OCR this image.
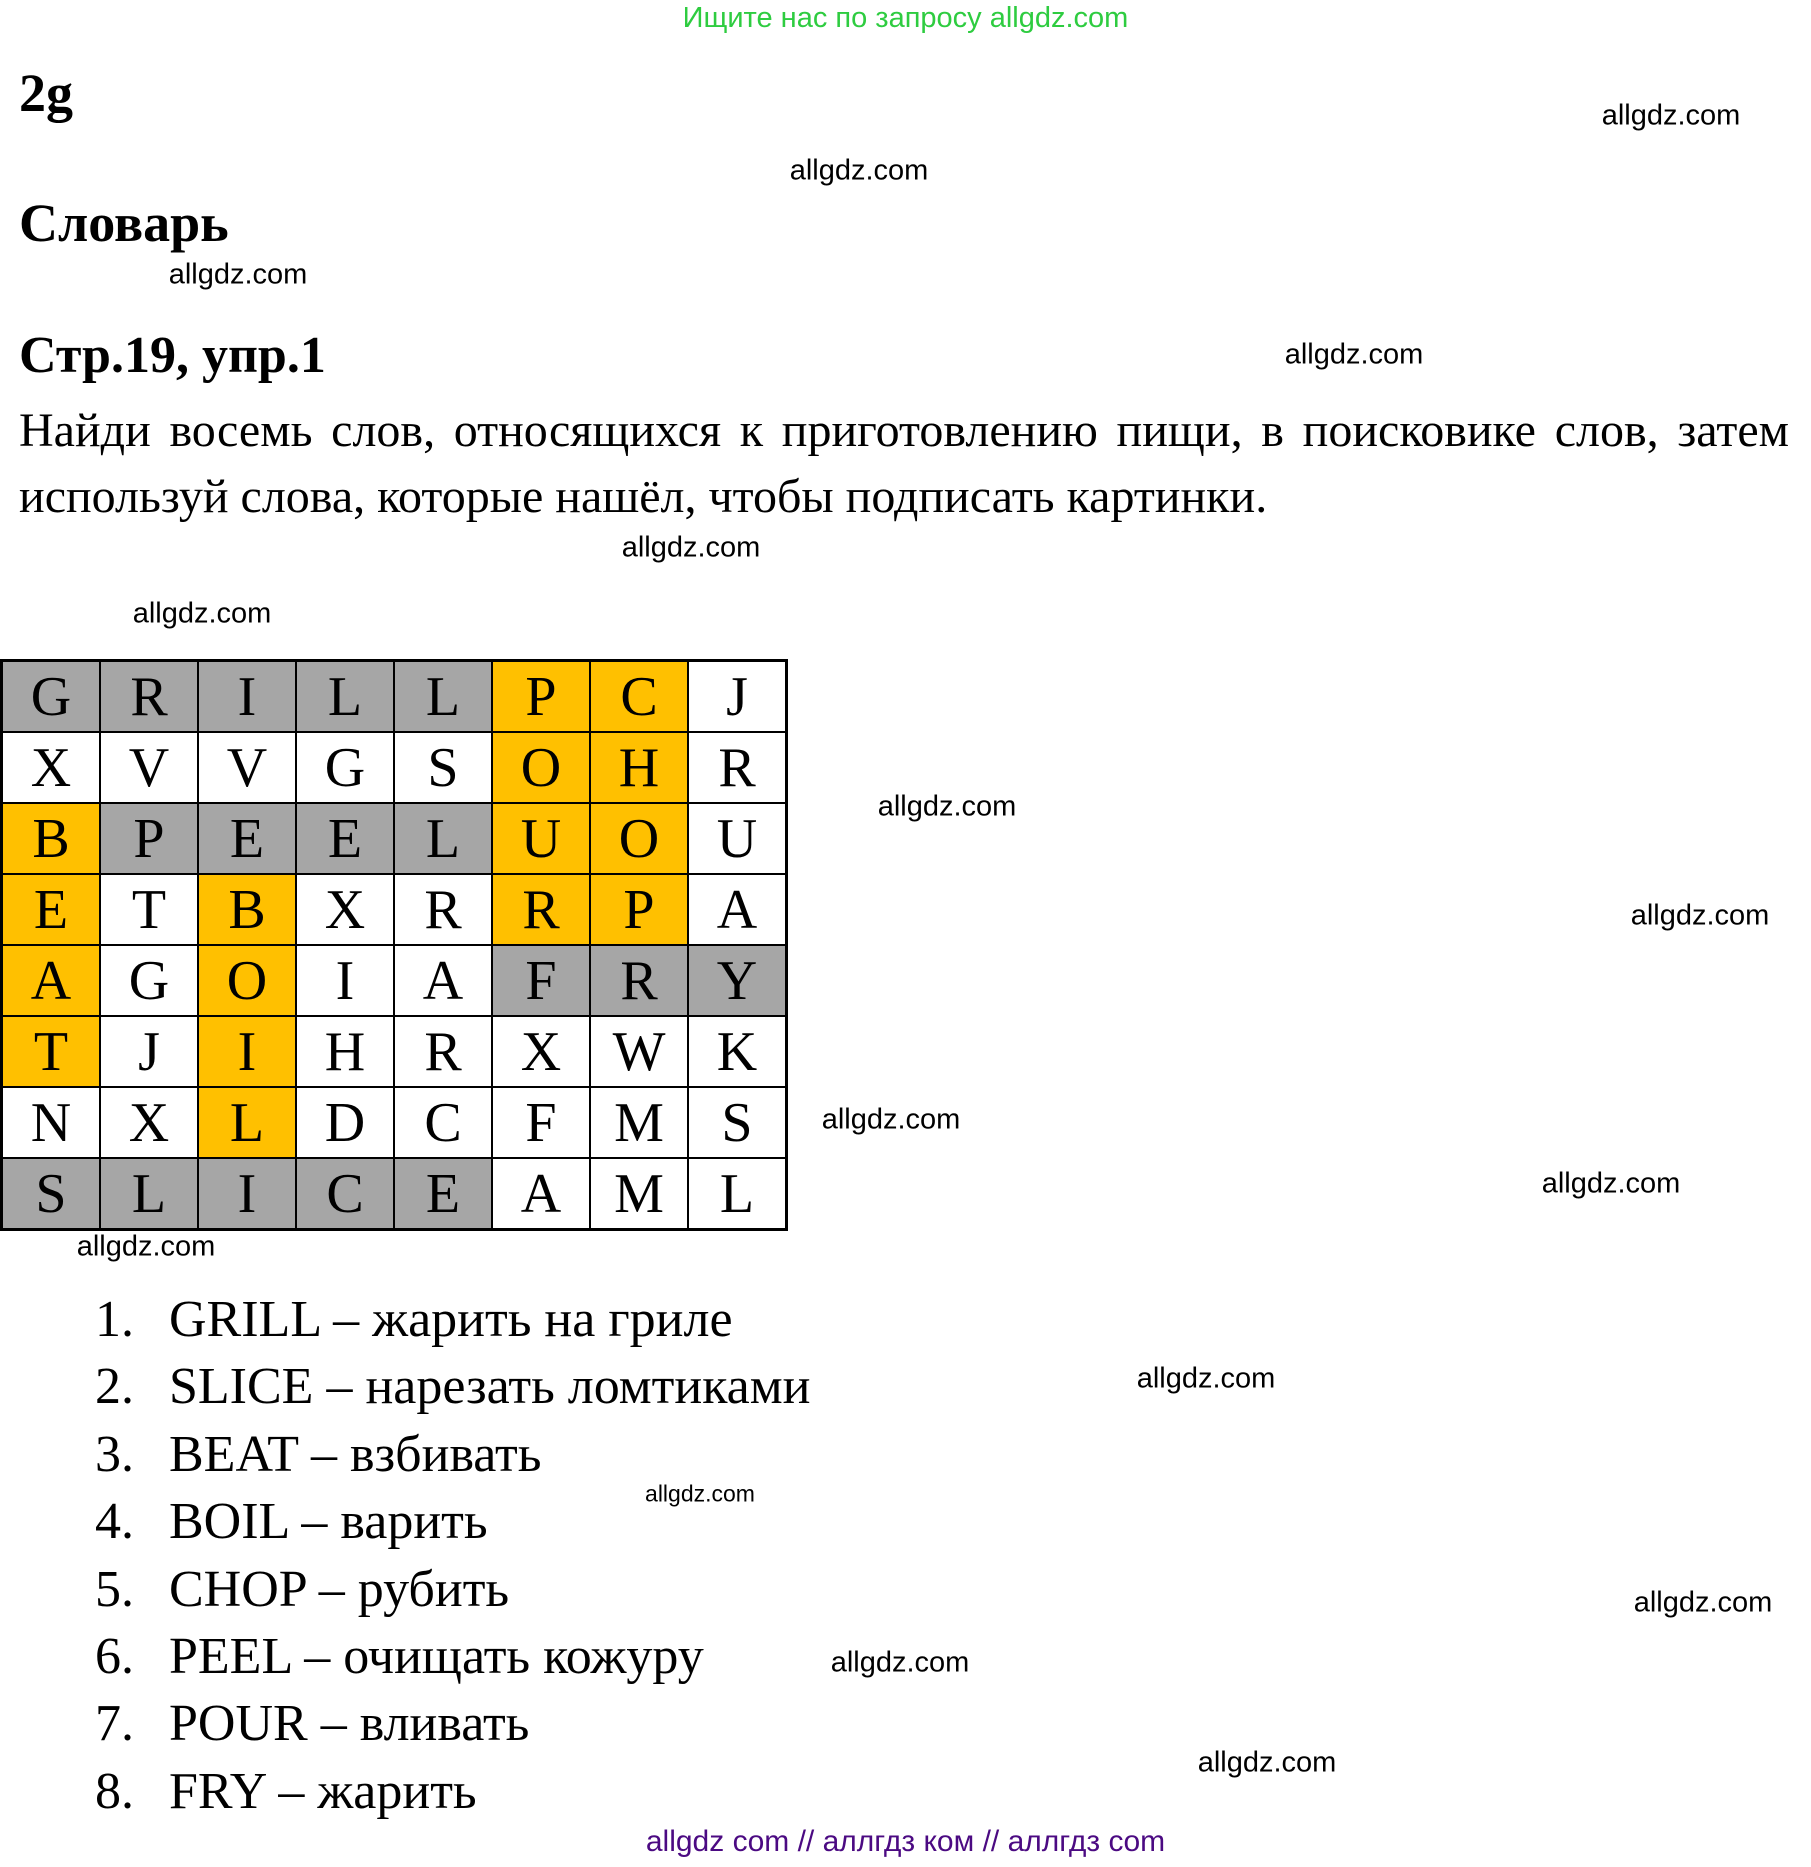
Ищите нас по запросу allgdz.com
2g
Словарь
Стр.19, упр.1
Найди восемь слов, относящихся к приготовлению пищи, в поисковике слов, затем используй слова, которые нашёл, чтобы подписать картинки.
allgdz.com
allgdz.com
allgdz.com
allgdz.com
allgdz.com
allgdz.com
allgdz.com
allgdz.com
allgdz.com
allgdz.com
allgdz.com
allgdz.com
allgdz.com
allgdz.com
allgdz.com
allgdz.com
G	R	I	L	L	P	C	J
X	V	V	G	S	O	H	R
B	P	E	E	L	U	O	U
E	T	B	X	R	R	P	A
A	G	O	I	A	F	R	Y
T	J	I	H	R	X	W	K
N	X	L	D	C	F	M	S
S	L	I	C	E	A	M	L
1. GRILL – жарить на гриле
2. SLICE – нарезать ломтиками
3. BEAT – взбивать
4. BOIL – варить
5. CHOP – рубить
6. PEEL – очищать кожуру
7. POUR – вливать
8. FRY – жарить
allgdz com // аллгдз ком // аллгдз com
